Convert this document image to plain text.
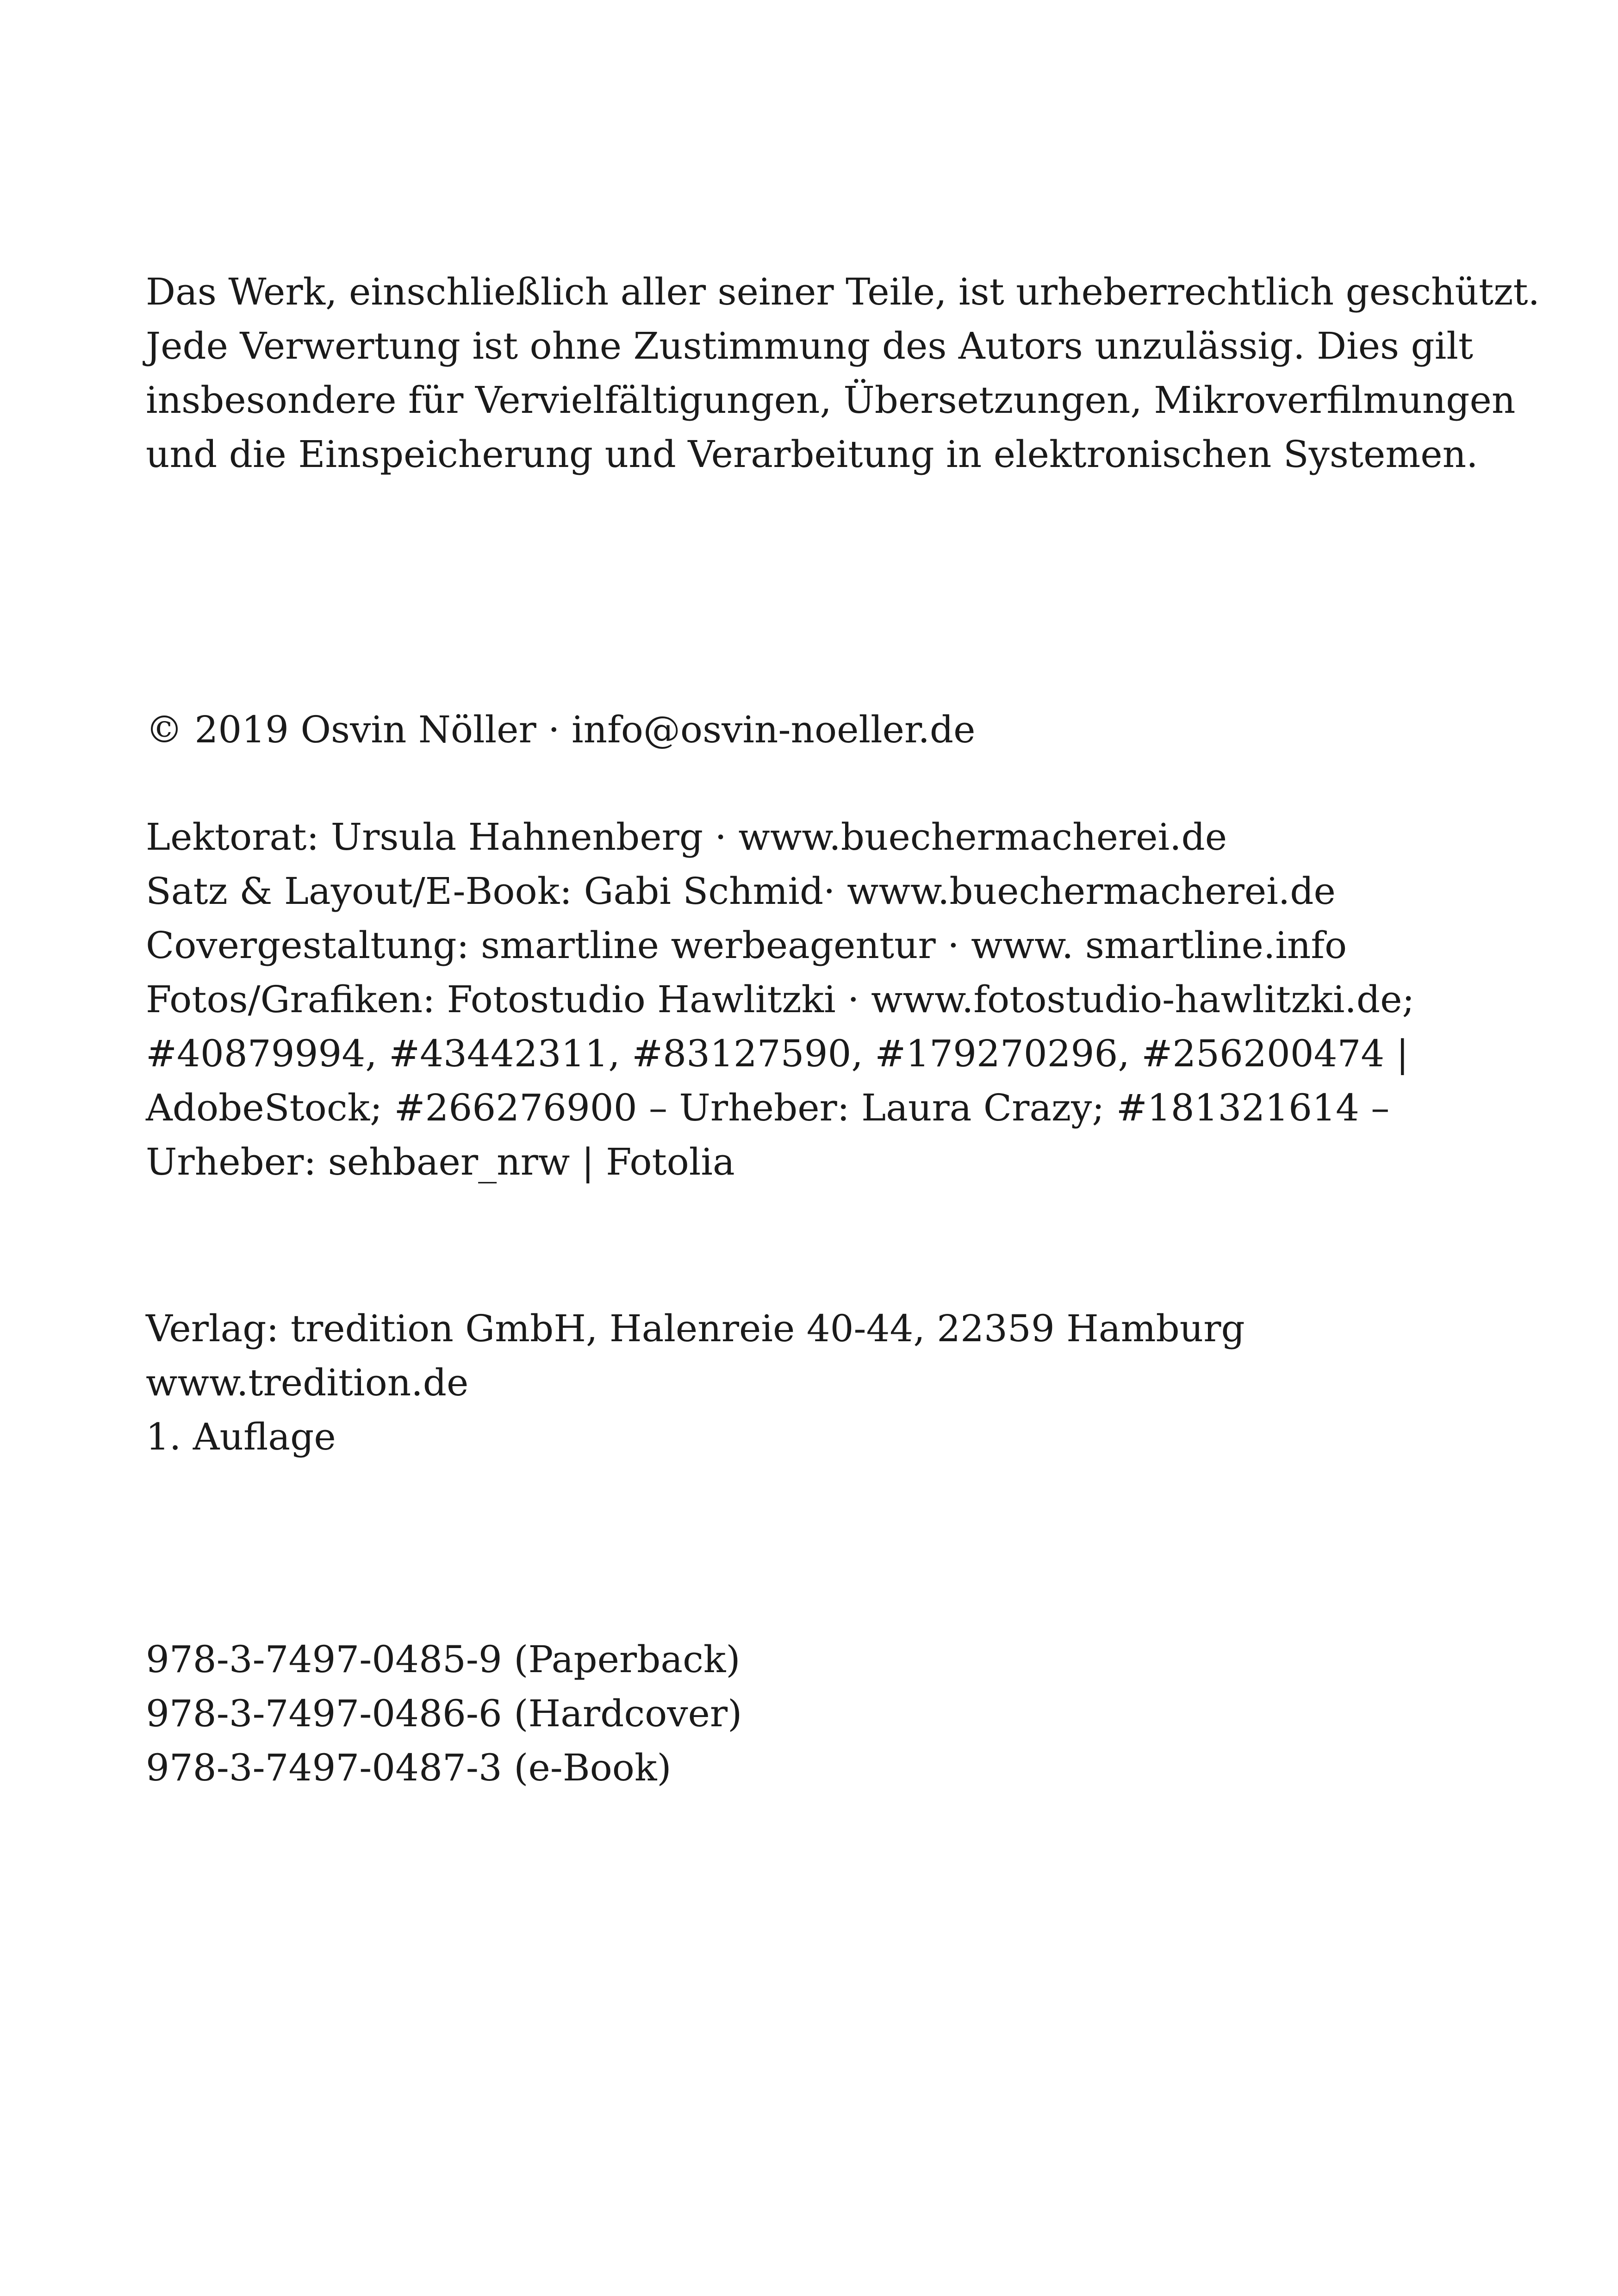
Das Werk, einschließlich aller seiner Teile, ist urheberrechtlich geschützt.
Jede Verwertung ist ohne Zustimmung des Autors unzulässig. Dies gilt
insbesondere für Vervielfältigungen, Übersetzungen, Mikroverfilmungen
und die Einspeicherung und Verarbeitung in elektronischen Systemen.
© 2019 Osvin Nöller · info@osvin-noeller.de
Lektorat: Ursula Hahnenberg · www.buechermacherei.de
Satz & Layout/E-Book: Gabi Schmid· www.buechermacherei.de
Covergestaltung: smartline werbeagentur · www. smartline.info
Fotos/Grafiken: Fotostudio Hawlitzki · www.fotostudio-hawlitzki.de;
#40879994, #43442311, #83127590, #179270296, #256200474 |
AdobeStock; #266276900 – Urheber: Laura Crazy; #181321614 –
Urheber: sehbaer_nrw | Fotolia
Verlag: tredition GmbH, Halenreie 40-44, 22359 Hamburg
www.tredition.de
1. Auflage
978-3-7497-0485-9 (Paperback)
978-3-7497-0486-6 (Hardcover)
978-3-7497-0487-3 (e-Book)
